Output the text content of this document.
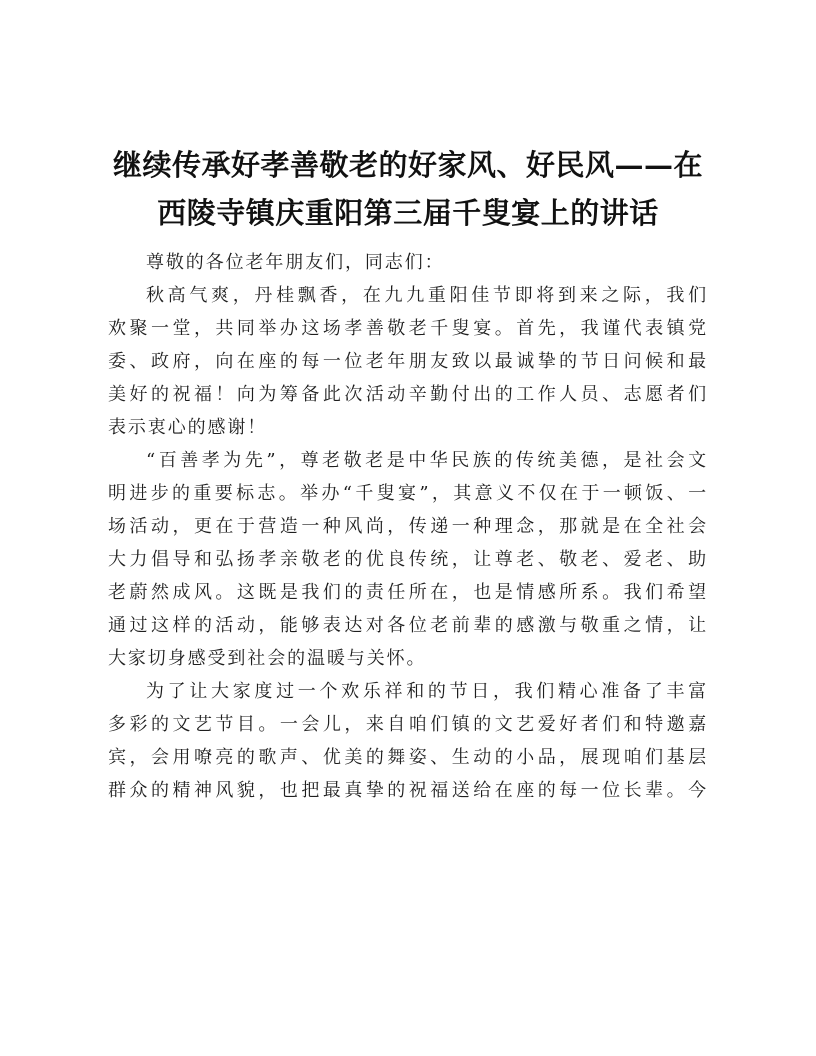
继续传承好孝善敬老的好家风、好民风——在
西陵寺镇庆重阳第三届千叟宴上的讲话

尊敬的各位老年朋友们，同志们：

秋高气爽，丹桂飘香，在九九重阳佳节即将到来之际，我们
欢聚一堂，共同举办这场孝善敬老千叟宴。首先，我谨代表镇党
委、政府，向在座的每一位老年朋友致以最诚挚的节日问候和最
美好的祝福！向为筹备此次活动辛勤付出的工作人员、志愿者们
表示衷心的感谢！

“百善孝为先”，尊老敬老是中华民族的传统美德，是社会文
明进步的重要标志。举办“千叟宴”，其意义不仅在于一顿饭、一
场活动，更在于营造一种风尚，传递一种理念，那就是在全社会
大力倡导和弘扬孝亲敬老的优良传统，让尊老、敬老、爱老、助
老蔚然成风。这既是我们的责任所在，也是情感所系。我们希望
通过这样的活动，能够表达对各位老前辈的感激与敬重之情，让
大家切身感受到社会的温暖与关怀。

为了让大家度过一个欢乐祥和的节日，我们精心准备了丰富
多彩的文艺节目。一会儿，来自咱们镇的文艺爱好者们和特邀嘉
宾，会用嘹亮的歌声、优美的舞姿、生动的小品，展现咱们基层
群众的精神风貌，也把最真挚的祝福送给在座的每一位长辈。今
